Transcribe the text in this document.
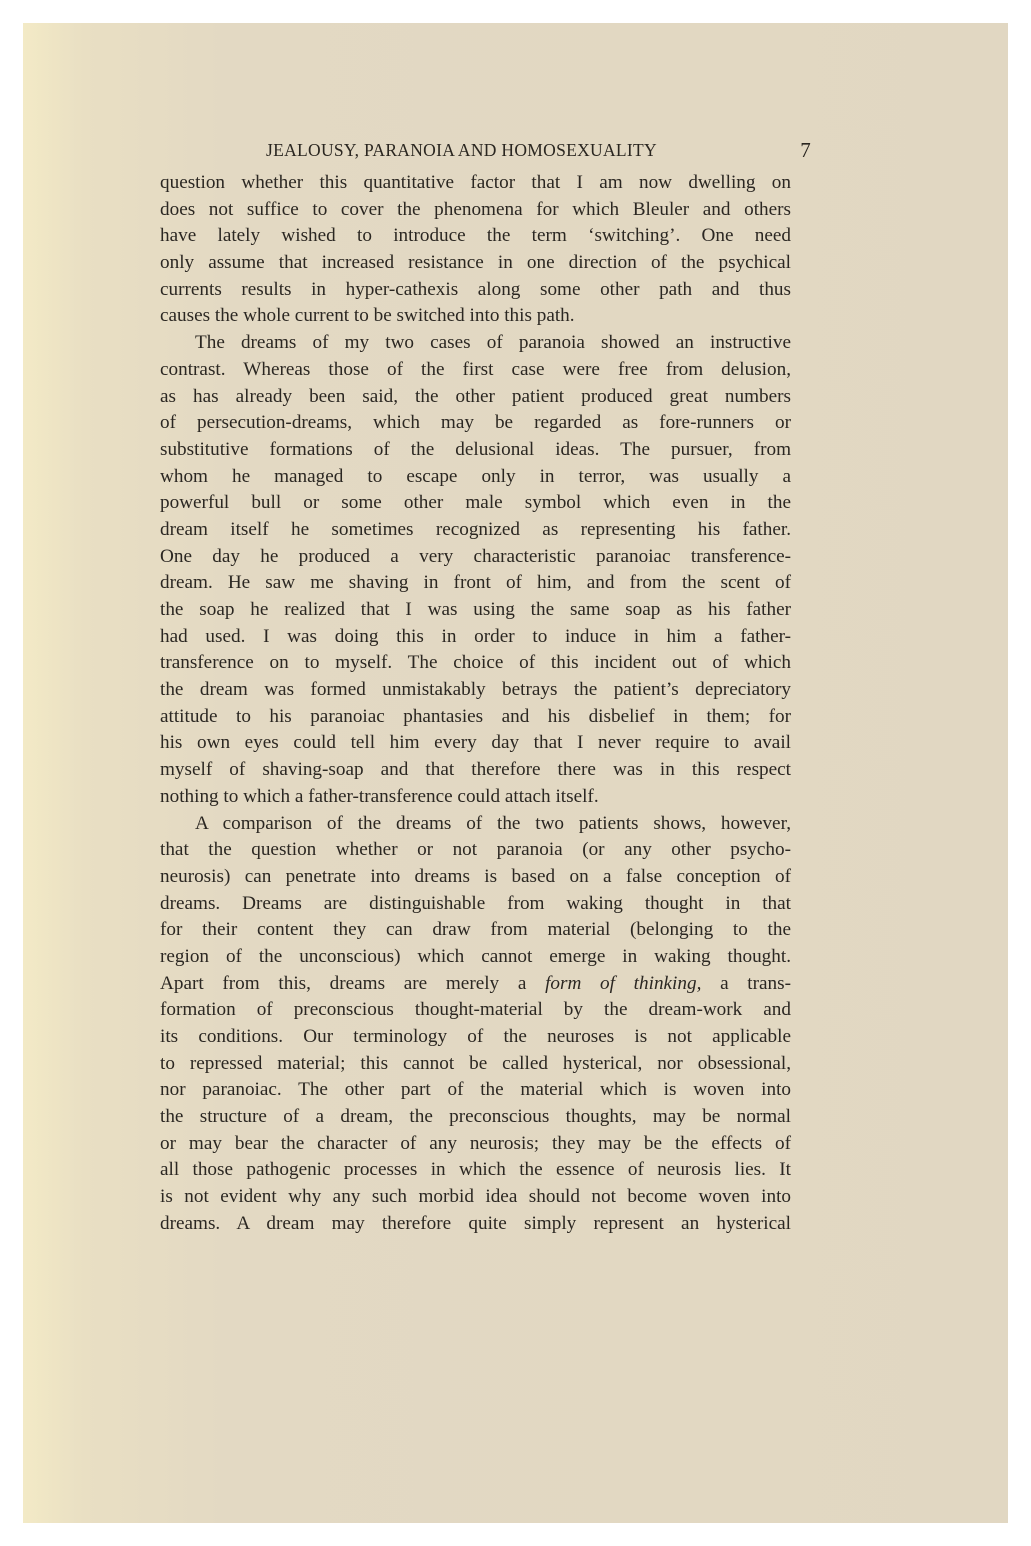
JEALOUSY, PARANOIA AND HOMOSEXUALITY	7
question whether this quantitative factor that I am now dwelling on
does not suffice to cover the phenomena for which Bleuler and others
have lately wished to introduce the term ‘switching’. One need
only assume that increased resistance in one direction of the psychical
currents results in hyper-cathexis along some other path and thus
causes the whole current to be switched into this path.
The dreams of my two cases of paranoia showed an instructive
contrast. Whereas those of the first case were free from delusion,
as has already been said, the other patient produced great numbers
of persecution-dreams, which may be regarded as fore-runners or
substitutive formations of the delusional ideas. The pursuer, from
whom he managed to escape only in terror, was usually a
powerful bull or some other male symbol which even in the
dream itself he sometimes recognized as representing his father.
One day he produced a very characteristic paranoiac transference-
dream. He saw me shaving in front of him, and from the scent of
the soap he realized that I was using the same soap as his father
had used. I was doing this in order to induce in him a father-
transference on to myself. The choice of this incident out of which
the dream was formed unmistakably betrays the patient’s depreciatory
attitude to his paranoiac phantasies and his disbelief in them; for
his own eyes could tell him every day that I never require to avail
myself of shaving-soap and that therefore there was in this respect
nothing to which a father-transference could attach itself.
A comparison of the dreams of the two patients shows, however,
that the question whether or not paranoia (or any other psycho-
neurosis) can penetrate into dreams is based on a false conception of
dreams. Dreams are distinguishable from waking thought in that
for their content they can draw from material (belonging to the
region of the unconscious) which cannot emerge in waking thought.
Apart from this, dreams are merely a form of thinking, a trans-
formation of preconscious thought-material by the dream-work and
its conditions. Our terminology of the neuroses is not applicable
to repressed material; this cannot be called hysterical, nor obsessional,
nor paranoiac. The other part of the material which is woven into
the structure of a dream, the preconscious thoughts, may be normal
or may bear the character of any neurosis; they may be the effects of
all those pathogenic processes in which the essence of neurosis lies. It
is not evident why any such morbid idea should not become woven into
dreams. A dream may therefore quite simply represent an hysterical
